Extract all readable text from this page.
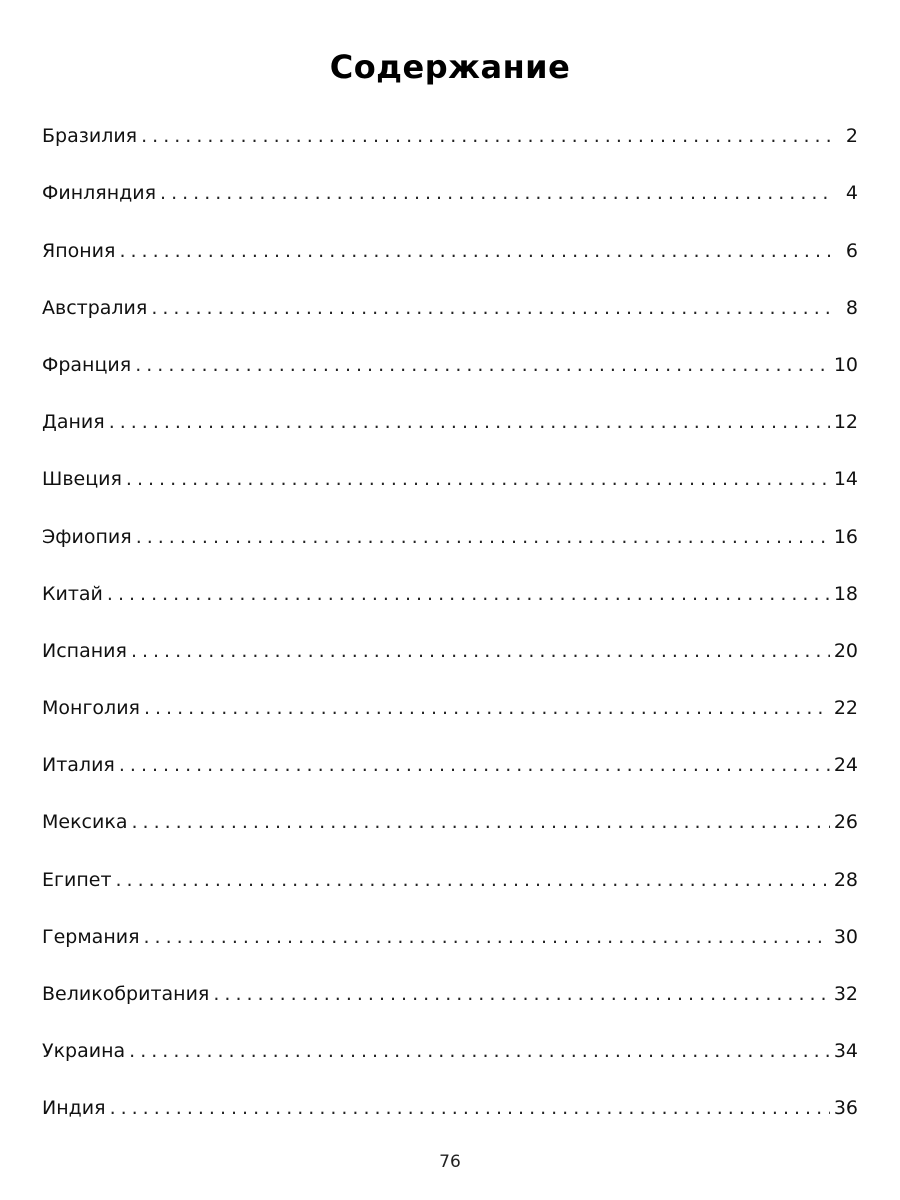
Содержание
Бразилия .....	2
Финляндия .....	4
Япония .....	6
Австралия .....	8
Франция .....	10
Дания .....	12
Швеция .....	14
Эфиопия .....	16
Китай .....	18
Испания .....	20
Монголия .....	22
Италия .....	24
Мексика .....	26
Египет .....	28
Германия .....	30
Великобритания .....	32
Украина .....	34
Индия .....	36
76
